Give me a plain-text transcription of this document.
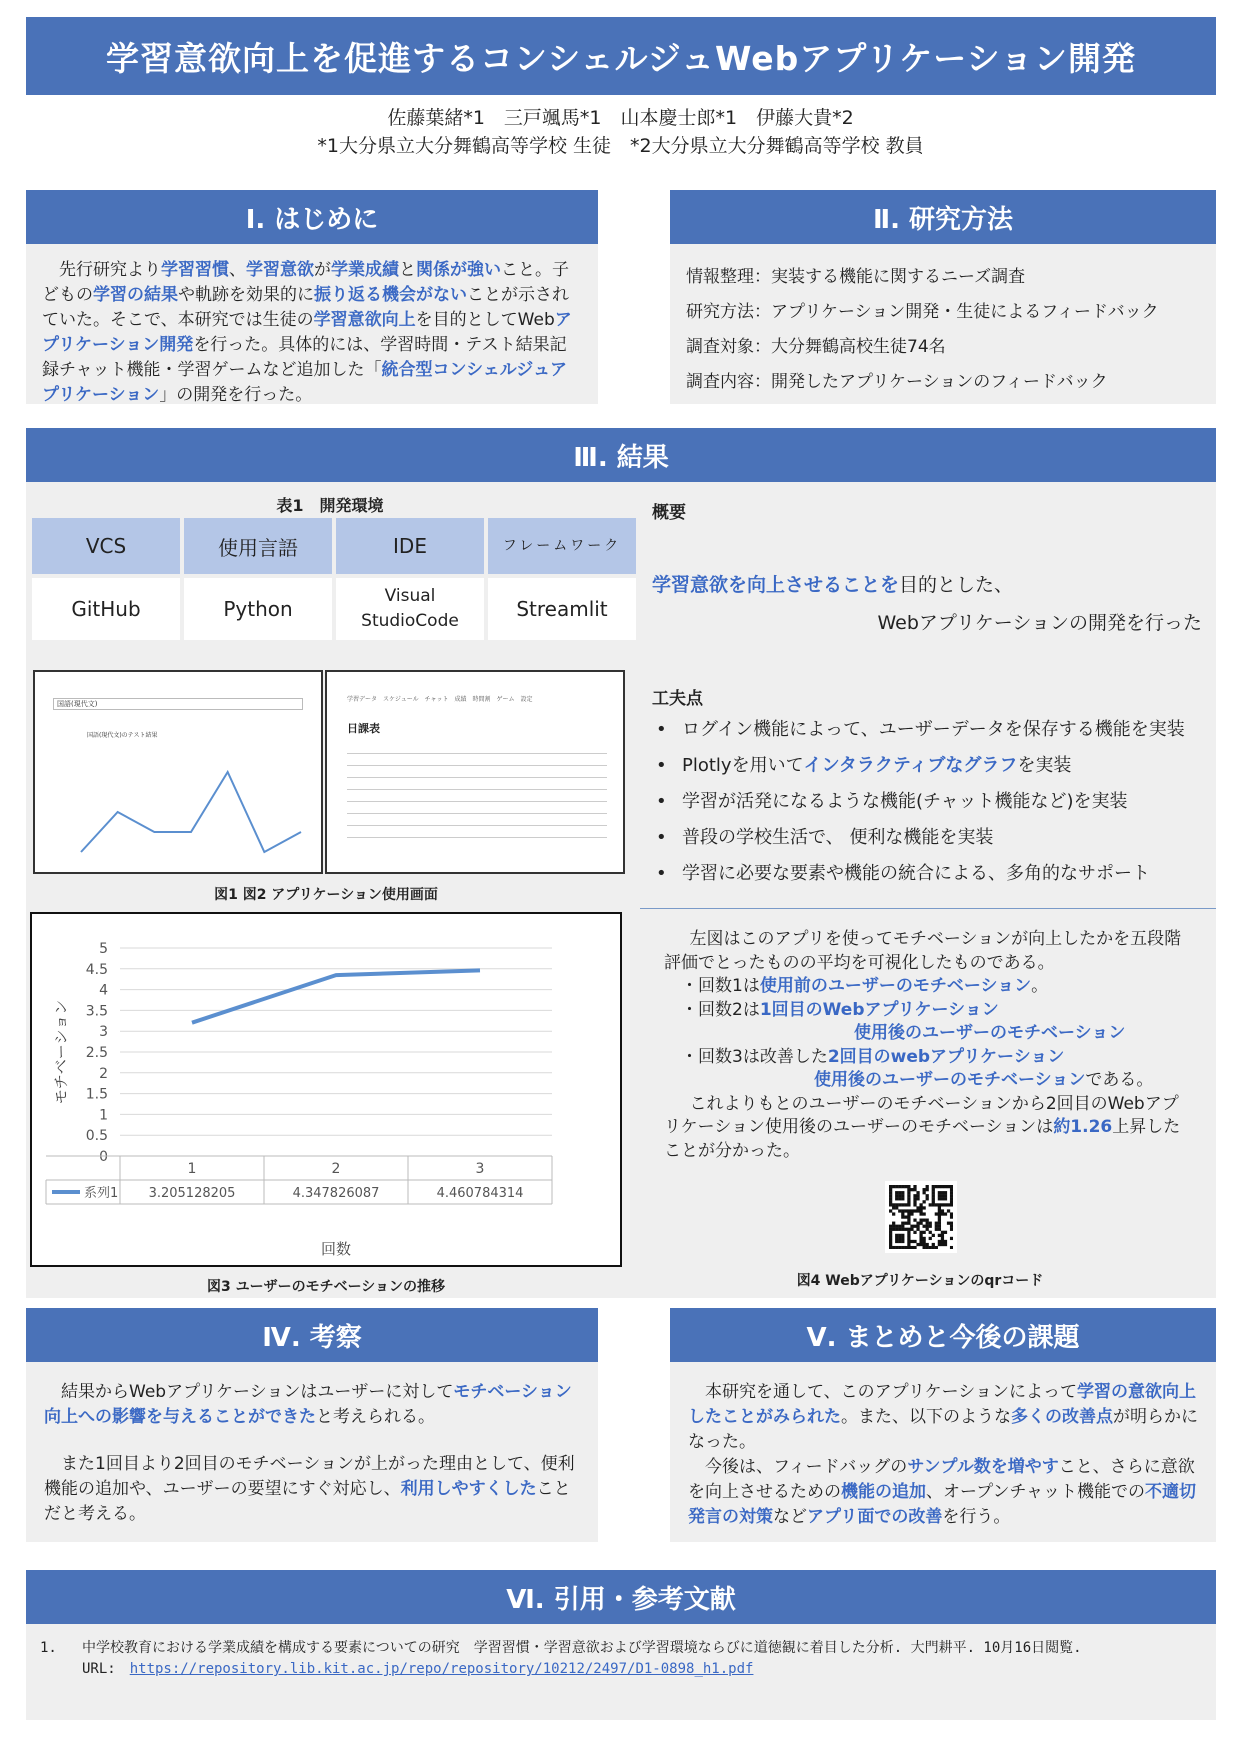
学習意欲向上を促進するコンシェルジュWebアプリケーション開発
佐藤葉緒*1　三戸颯馬*1　山本慶士郎*1　伊藤大貴*2
*1大分県立大分舞鶴高等学校 生徒　*2大分県立大分舞鶴高等学校 教員
Ⅰ. はじめに
　先行研究より学習習慣、学習意欲が学業成績と関係が強いこと。子どもの学習の結果や軌跡を効果的に振り返る機会がないことが示されていた。そこで、本研究では生徒の学習意欲向上を目的としてWebアプリケーション開発を行った。具体的には、学習時間・テスト結果記録チャット機能・学習ゲームなど追加した「統合型コンシェルジュアプリケーション」の開発を行った。
Ⅱ. 研究方法
情報整理：実装する機能に関するニーズ調査
研究方法：アプリケーション開発・生徒によるフィードバック
調査対象：大分舞鶴高校生徒74名
調査内容：開発したアプリケーションのフィードバック
Ⅲ. 結果
表1　開発環境
VCS	使用言語	IDE	フレームワーク
GitHub	Python	Visual StudioCode	Streamlit
概要
学習意欲を向上させることを目的とした、
Webアプリケーションの開発を行った
工夫点
• ログイン機能によって、ユーザーデータを保存する機能を実装
• Plotlyを用いてインタラクティブなグラフを実装
• 学習が活発になるような機能(チャット機能など)を実装
• 普段の学校生活で、 便利な機能を実装
• 学習に必要な要素や機能の統合による、多角的なサポート
国語(現代文)
国語(現代文)のテスト結果
学習データ　スケジュール　チャット　成績　時間割　ゲーム　設定
日課表
図1 図2 アプリケーション使用画面
0
0.5
1
1.5
2
2.5
3
3.5
4
4.5
5
モチベーション
1	2	3
系列1 3.205128205	4.347826087	4.460784314
回数
図3 ユーザーのモチベーションの推移
左図はこのアプリを使ってモチベーションが向上したかを五段階評価でとったものの平均を可視化したものである。
・回数1は使用前のユーザーのモチベーション。
・回数2は1回目のWebアプリケーション
使用後のユーザーのモチベーション
・回数3は改善した2回目のwebアプリケーション
使用後のユーザーのモチベーションである。
これよりもとのユーザーのモチベーションから2回目のWebアプリケーション使用後のユーザーのモチベーションは約1.26上昇したことが分かった。
図4 Webアプリケーションのqrコード
Ⅳ. 考察
　結果からWebアプリケーションはユーザーに対してモチベーション向上への影響を与えることができたと考えられる。
　また1回目より2回目のモチベーションが上がった理由として、便利機能の追加や、ユーザーの要望にすぐ対応し、利用しやすくしたことだと考える。
Ⅴ. まとめと今後の課題
　本研究を通して、このアプリケーションによって学習の意欲向上したことがみられた。また、以下のような多くの改善点が明らかになった。
　今後は、フィードバッグのサンプル数を増やすこと、さらに意欲を向上させるための機能の追加、オープンチャット機能での不適切発言の対策などアプリ面での改善を行う。
Ⅵ. 引用・参考文献
1.	中学校教育における学業成績を構成する要素についての研究　学習習慣・学習意欲および学習環境ならびに道徳観に着目した分析. 大門耕平. 10月16日閲覧.
URL:　 https://repository.lib.kit.ac.jp/repo/repository/10212/2497/D1-0898_h1.pdf
